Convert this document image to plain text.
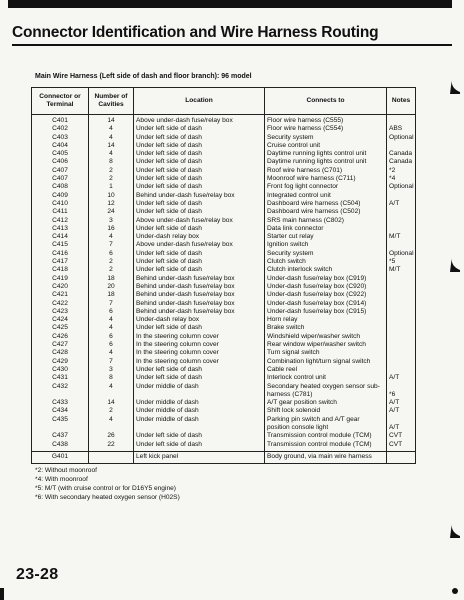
Connector Identification and Wire Harness Routing
Main Wire Harness (Left side of dash and floor branch): 96 model
Connector or Terminal	Number of Cavities	Location	Connects to	Notes
C401	14	Above under-dash fuse/relay box	Floor wire harness (C555)	
C402	4	Under left side of dash	Floor wire harness (C554)	ABS
C403	4	Under left side of dash	Security system	Optional
C404	14	Under left side of dash	Cruise control unit	
C405	4	Under left side of dash	Daytime running lights control unit	Canada
C406	8	Under left side of dash	Daytime running lights control unit	Canada
C407	2	Under left side of dash	Roof wire harness (C701)	*2
C407	2	Under left side of dash	Moonroof wire harness (C711)	*4
C408	1	Under left side of dash	Front fog light connector	Optional
C409	10	Behind under-dash fuse/relay box	Integrated control unit	
C410	12	Under left side of dash	Dashboard wire harness (C504)	A/T
C411	24	Under left side of dash	Dashboard wire harness (C502)	
C412	3	Above under-dash fuse/relay box	SRS main harness (C802)	
C413	16	Under left side of dash	Data link connector	
C414	4	Under-dash relay box	Starter cut relay	M/T
C415	7	Above under-dash fuse/relay box	Ignition switch	
C416	6	Under left side of dash	Security system	Optional
C417	2	Under left side of dash	Clutch switch	*5
C418	2	Under left side of dash	Clutch interlock switch	M/T
C419	18	Behind under-dash fuse/relay box	Under-dash fuse/relay box (C919)	
C420	20	Behind under-dash fuse/relay box	Under-dash fuse/relay box (C920)	
C421	18	Behind under-dash fuse/relay box	Under-dash fuse/relay box (C922)	
C422	7	Behind under-dash fuse/relay box	Under-dash fuse/relay box (C914)	
C423	6	Behind under-dash fuse/relay box	Under-dash fuse/relay box (C915)	
C424	4	Under-dash relay box	Horn relay	
C425	4	Under left side of dash	Brake switch	
C426	6	In the steering column cover	Windshield wiper/washer switch	
C427	6	In the steering column cover	Rear window wiper/washer switch	
C428	4	In the steering column cover	Turn signal switch	
C429	7	In the steering column cover	Combination light/turn signal switch	
C430	3	Under left side of dash	Cable reel	
C431	8	Under left side of dash	Interlock control unit	A/T
C432	4	Under middle of dash	Secondary heated oxygen sensor sub-	
			harness (C781)	*6
C433	14	Under middle of dash	A/T gear position switch	A/T
C434	2	Under middle of dash	Shift lock solenoid	A/T
C435	4	Under middle of dash	Parking pin switch and A/T gear	
			position console light	A/T
C437	26	Under left side of dash	Transmission control module (TCM)	CVT
C438	22	Under left side of dash	Transmission control module (TCM)	CVT
G401		Left kick panel	Body ground, via main wire harness	
*2: Without moonroof
*4: With moonroof
*5: M/T (with cruise control or for D16Y5 engine)
*6: With secondary heated oxygen sensor (H02S)
23-28
